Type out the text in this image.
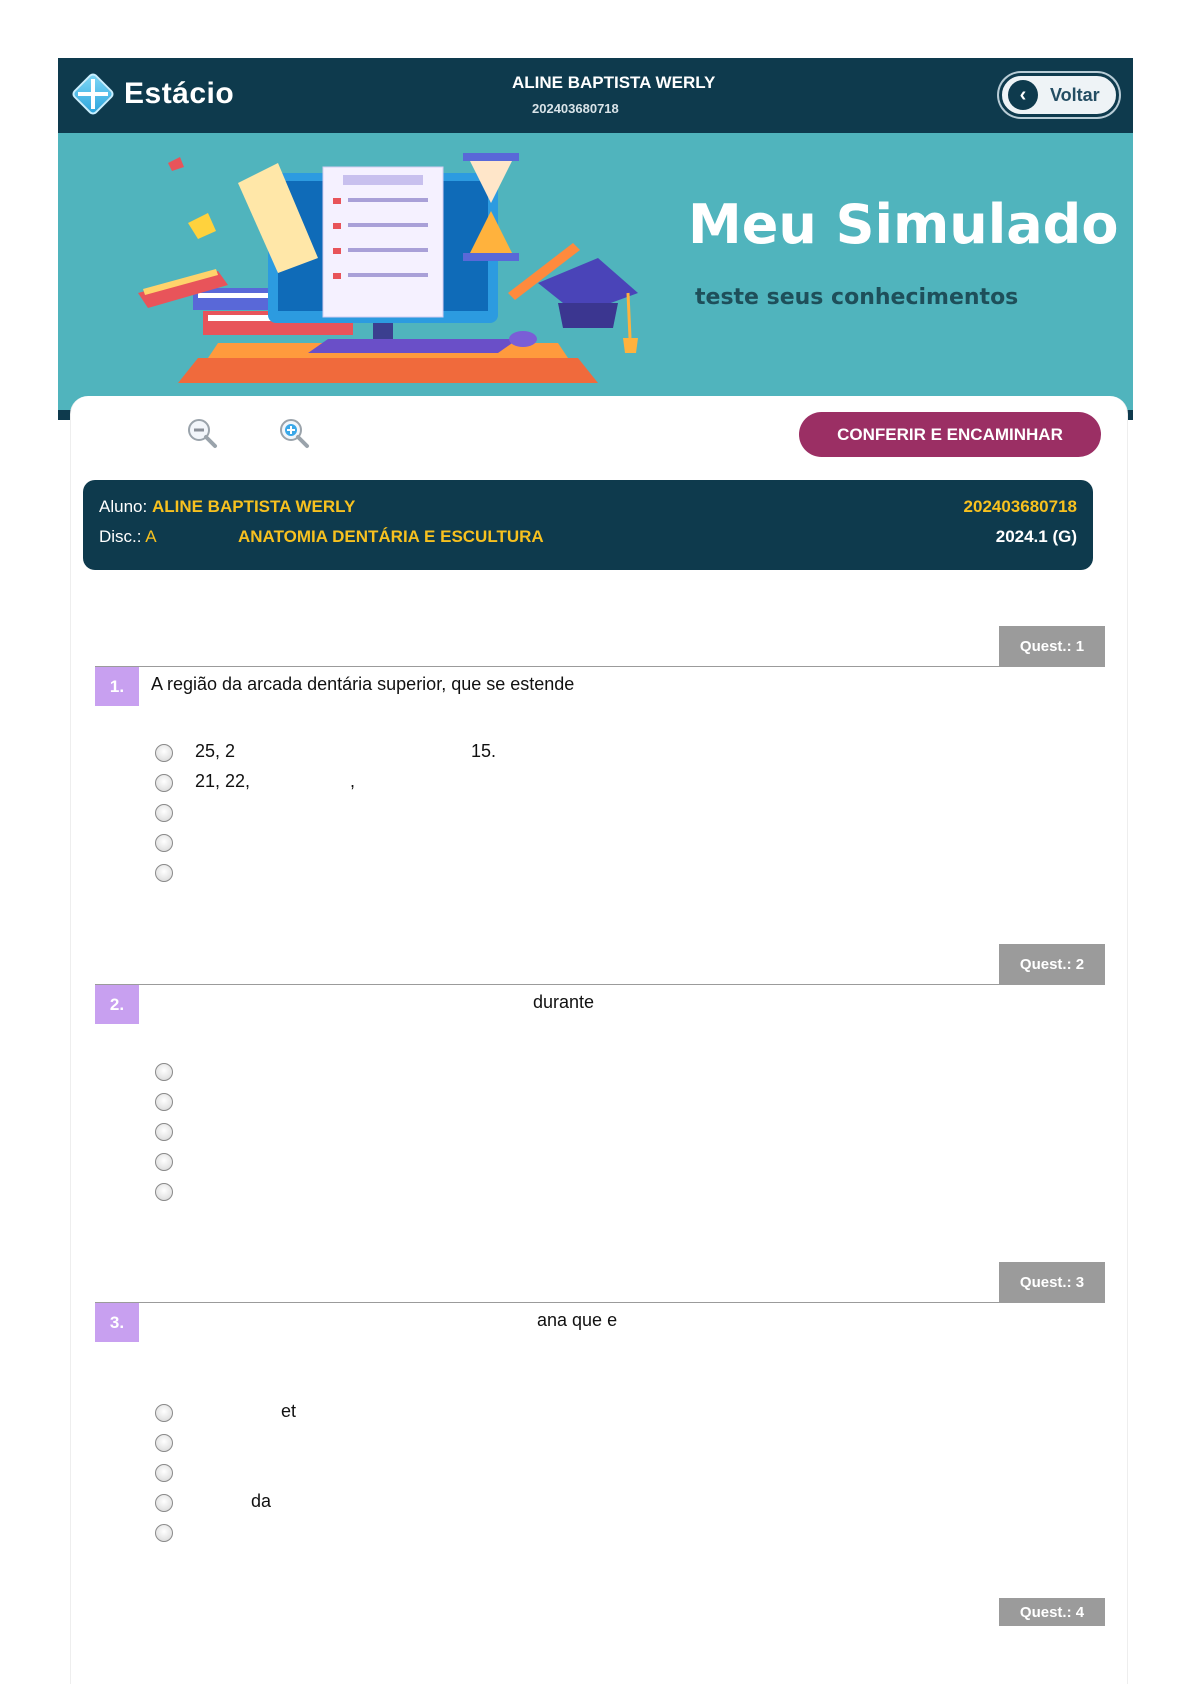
Estácio	ALINE BAPTISTA WERLY
202403680718
‹	Voltar
Meu Simulado
teste seus conhecimentos
CONFERIR E ENCAMINHAR
Aluno: ALINE BAPTISTA WERLY
Disc.: A	ANATOMIA DENTÁRIA E ESCULTURA
202403680718
2024.1 (G)
Quest.: 1
1.	A região da arcada dentária superior, que se estende
25, 2	15.
21, 22,	,
Quest.: 2
2.	durante
Quest.: 3
3.	ana que e
et
da
Quest.: 4
